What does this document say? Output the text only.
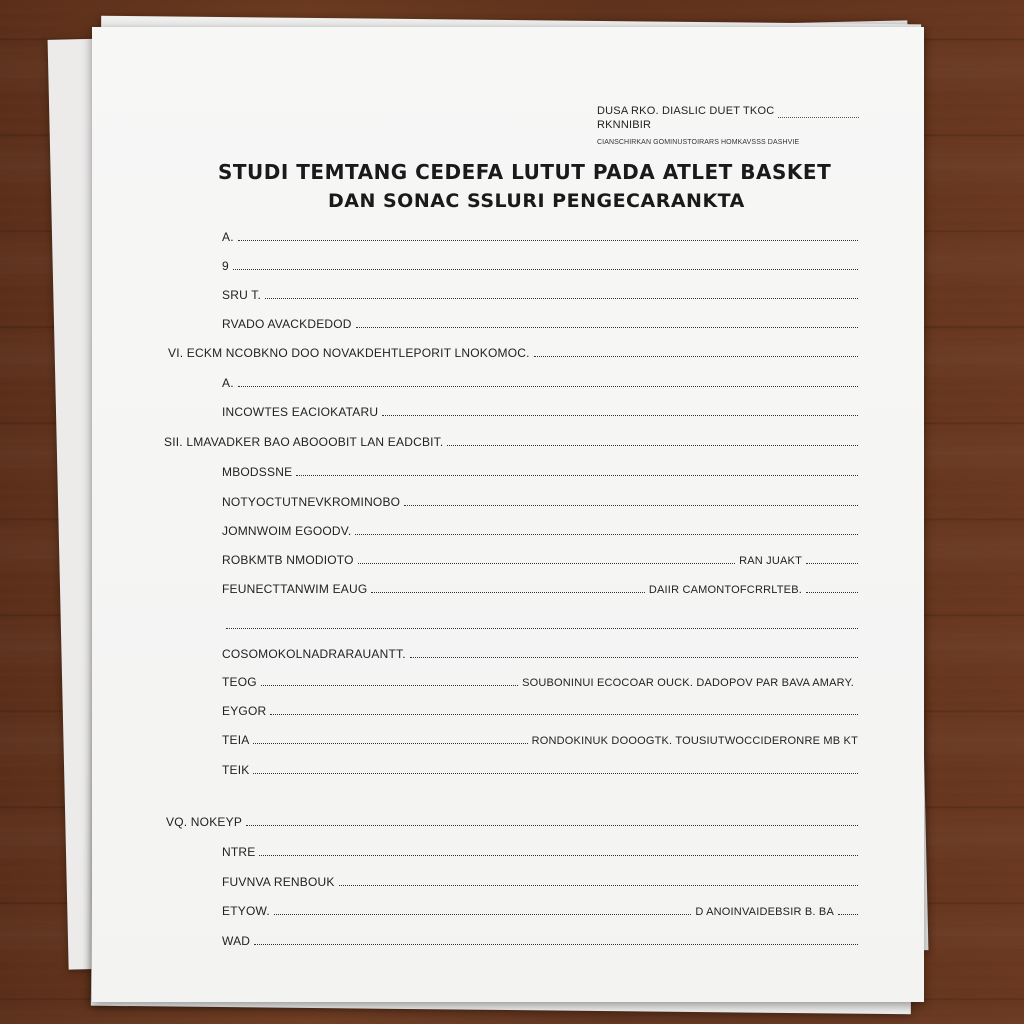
DUSA RKO. DIASLIC DUET TKOC
RKNNIBIR
CIANSCHIRKAN GOMINUSTOIRARS HOMKAVSSS DASHVIE
STUDI TEMTANG CEDEFA LUTUT PADA ATLET BASKET
DAN SONAC SSLURI PENGECARANKTA
A.
9
SRU T.
RVADO AVACKDEDOD
VI. ECKM NCOBKNO DOO NOVAKDEHTLEPORIT LNOKOMOC.
A.
INCOWTES EACIOKATARU
SII. LMAVADKER BAO ABOOOBIT LAN EADCBIT.
MBODSSNE
NOTYOCTUTNEVKROMINOBO
JOMNWOIM EGOODV.
ROBKMTB NMODIOTO	RAN JUAKT
FEUNECTTANWIM EAUG	DAIIR CAMONTOFCRRLTEB.
COSOMOKOLNADRARAUANTT.
TEOG	SOUBONINUI ECOCOAR OUCK. DADOPOV PAR BAVA AMARY.
EYGOR
TEIA	RONDOKINUK DOOOGTK. TOUSIUTWOCCIDERONRE MB KT
TEIK
VQ. NOKEYP
NTRE
FUVNVA RENBOUK
ETYOW.	D ANOINVAIDEBSIR B. BA
WAD
